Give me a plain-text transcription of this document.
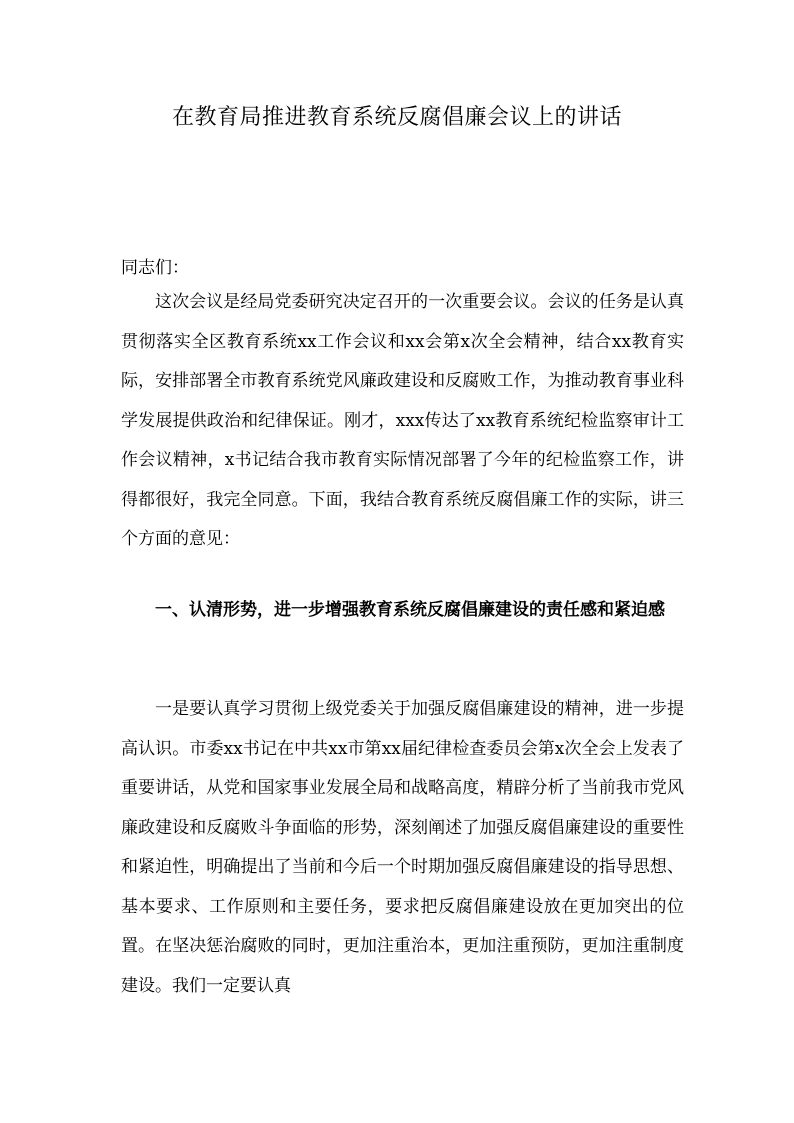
在教育局推进教育系统反腐倡廉会议上的讲话
同志们：

这次会议是经局党委研究决定召开的一次重要会议。会议的任务是认真贯彻落实全区教育系统xx工作会议和xx会第x次全会精神，结合xx教育实际，安排部署全市教育系统党风廉政建设和反腐败工作，为推动教育事业科学发展提供政治和纪律保证。刚才，xxx传达了xx教育系统纪检监察审计工作会议精神，x书记结合我市教育实际情况部署了今年的纪检监察工作，讲得都很好，我完全同意。下面，我结合教育系统反腐倡廉工作的实际，讲三个方面的意见：

一、认清形势，进一步增强教育系统反腐倡廉建设的责任感和紧迫感

一是要认真学习贯彻上级党委关于加强反腐倡廉建设的精神，进一步提高认识。市委xx书记在中共xx市第xx届纪律检查委员会第x次全会上发表了重要讲话，从党和国家事业发展全局和战略高度，精辟分析了当前我市党风廉政建设和反腐败斗争面临的形势，深刻阐述了加强反腐倡廉建设的重要性和紧迫性，明确提出了当前和今后一个时期加强反腐倡廉建设的指导思想、基本要求、工作原则和主要任务，要求把反腐倡廉建设放在更加突出的位置。在坚决惩治腐败的同时，更加注重治本，更加注重预防，更加注重制度建设。我们一定要认真
